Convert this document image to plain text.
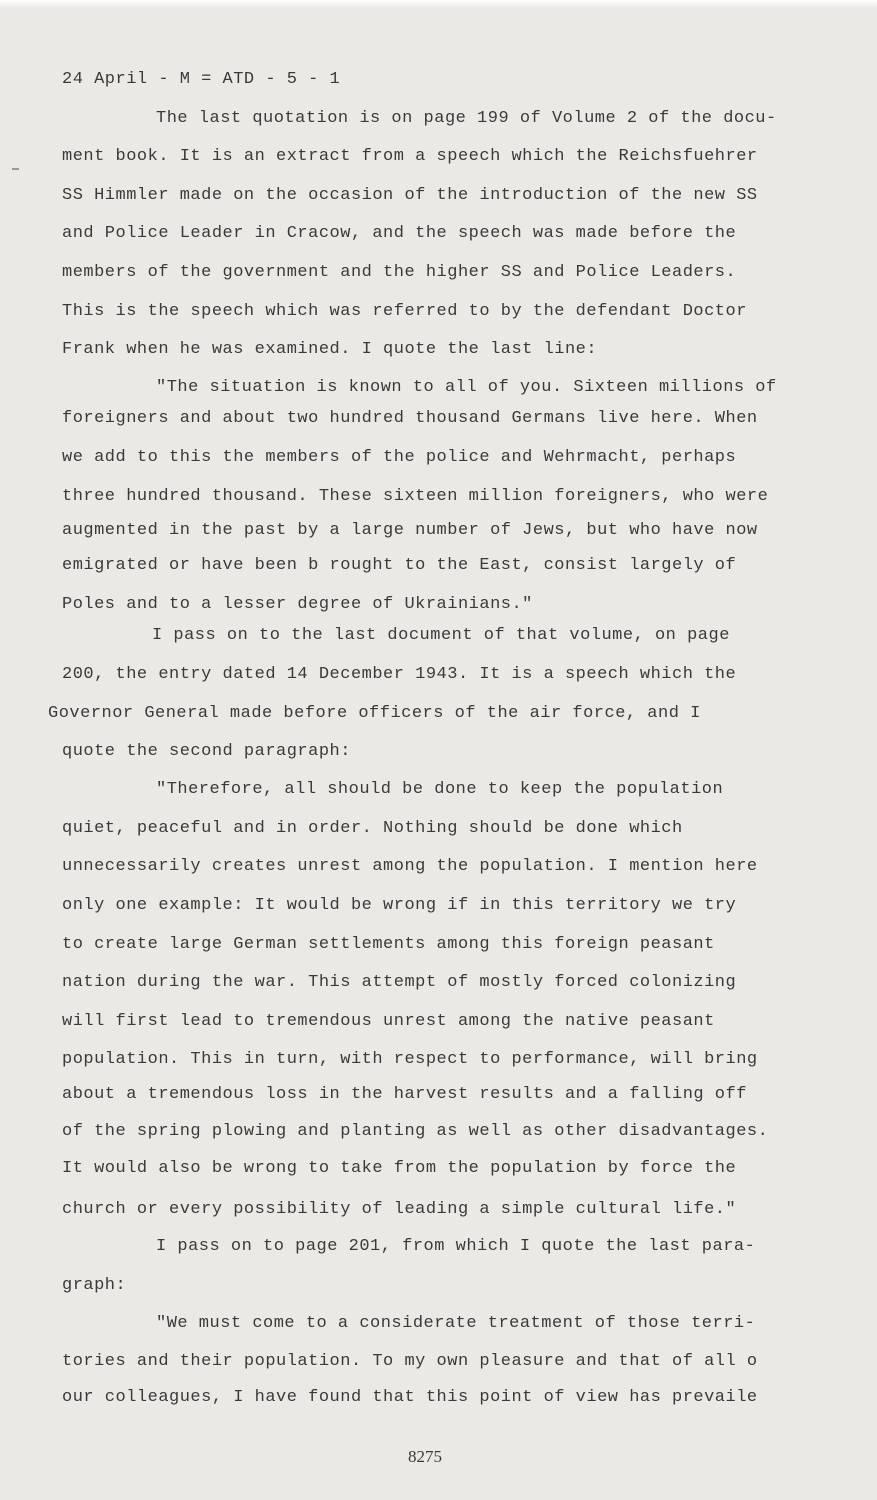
24 April - M = ATD - 5 - 1

The last quotation is on page 199 of Volume 2 of the docu-

ment book. It is an extract from a speech which the Reichsfuehrer

SS Himmler made on the occasion of the introduction of the new SS

and Police Leader in Cracow, and the speech was made before the

members of the government and the higher SS and Police Leaders.

This is the speech which was referred to by the defendant Doctor

Frank when he was examined. I quote the last line:

"The situation is known to all of you. Sixteen millions of

foreigners and about two hundred thousand Germans live here. When

we add to this the members of the police and Wehrmacht, perhaps

three hundred thousand. These sixteen million foreigners, who were

augmented in the past by a large number of Jews, but who have now

emigrated or have been b rought to the East, consist largely of

Poles and to a lesser degree of Ukrainians."

I pass on to the last document of that volume, on page

200, the entry dated 14 December 1943. It is a speech which the

Governor General made before officers of the air force, and I

quote the second paragraph:

"Therefore, all should be done to keep the population

quiet, peaceful and in order. Nothing should be done which

unnecessarily creates unrest among the population. I mention here

only one example: It would be wrong if in this territory we try

to create large German settlements among this foreign peasant

nation during the war. This attempt of mostly forced colonizing

will first lead to tremendous unrest among the native peasant

population. This in turn, with respect to performance, will bring

about a tremendous loss in the harvest results and a falling off

of the spring plowing and planting as well as other disadvantages.

It would also be wrong to take from the population by force the

church or every possibility of leading a simple cultural life."

I pass on to page 201, from which I quote the last para-

graph:

"We must come to a considerate treatment of those terri-

tories and their population. To my own pleasure and that of all o

our colleagues, I have found that this point of view has prevaile

8275
